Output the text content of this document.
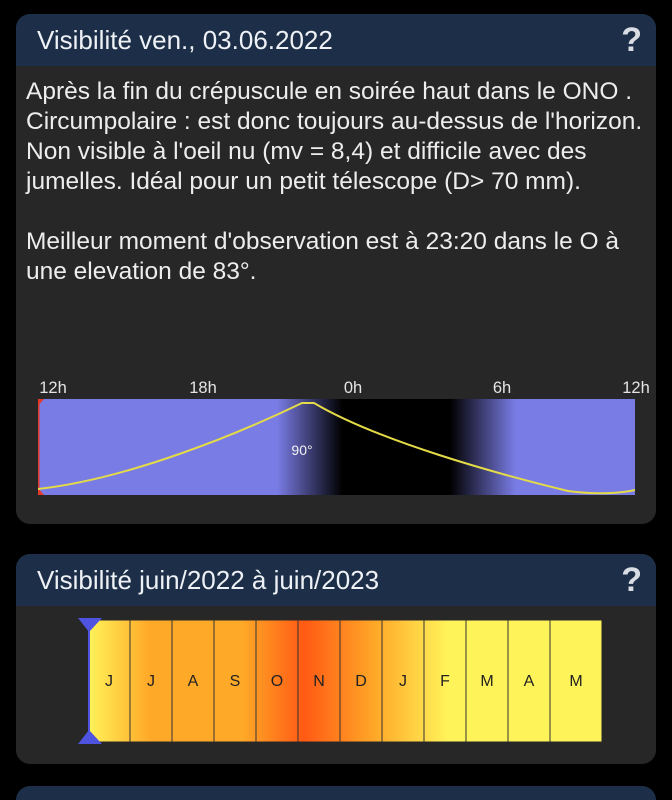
Visibilité ven., 03.06.2022	?

Après la fin du crépuscule en soirée haut dans le ONO . Circumpolaire : est donc toujours au-dessus de l'horizon. Non visible à l'oeil nu (mv = 8,4) et difficile avec des jumelles. Idéal pour un petit télescope (D> 70 mm).

Meilleur moment d'observation est à 23:20 dans le O à une elevation de 83°.

12h	18h	0h	6h	12h
90°
Visibilité juin/2022 à juin/2023	?
J J A S O N D J F M A M
